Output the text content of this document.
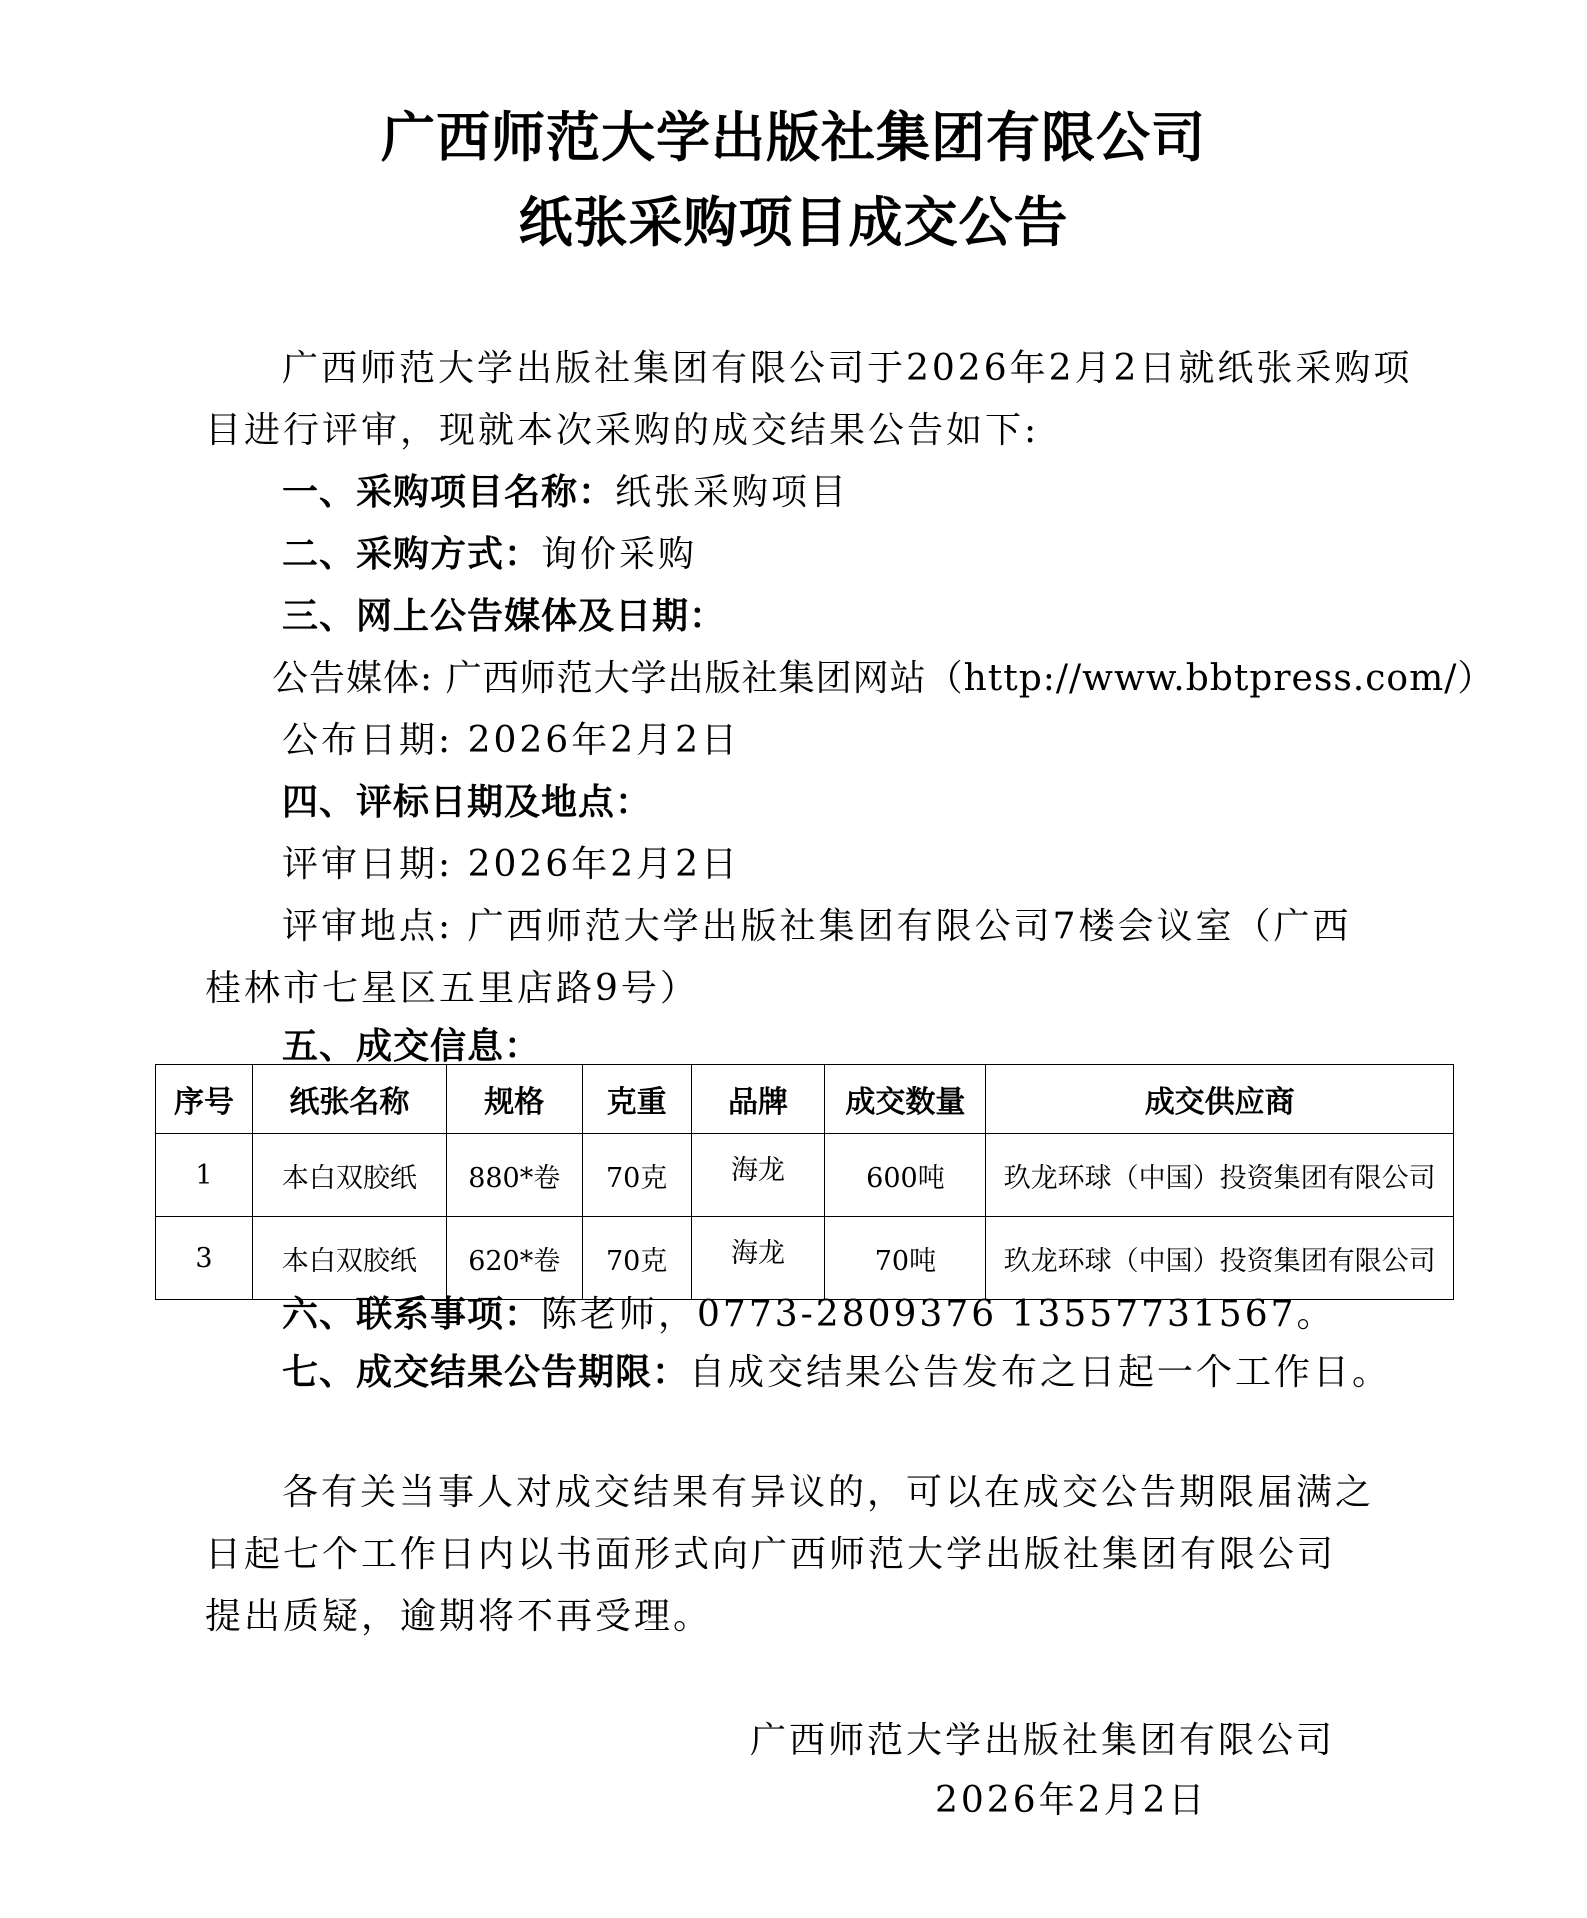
广西师范大学出版社集团有限公司
纸张采购项目成交公告
广西师范大学出版社集团有限公司于2026年2月2日就纸张采购项
目进行评审，现就本次采购的成交结果公告如下:
一、采购项目名称：纸张采购项目
二、采购方式：询价采购
三、网上公告媒体及日期：
公告媒体: 广西师范大学出版社集团网站（http://www.bbtpress.com/）
公布日期: 2026年2月2日
四、评标日期及地点：
评审日期: 2026年2月2日
评审地点: 广西师范大学出版社集团有限公司7楼会议室（广西
桂林市七星区五里店路9号）
五、成交信息：
序号	纸张名称	规格	克重	品牌	成交数量	成交供应商
1	本白双胶纸	880*卷	70克	海龙	600吨	玖龙环球（中国）投资集团有限公司
3	本白双胶纸	620*卷	70克	海龙	70吨	玖龙环球（中国）投资集团有限公司
六、联系事项：陈老师，0773-2809376 13557731567。
七、成交结果公告期限：自成交结果公告发布之日起一个工作日。
各有关当事人对成交结果有异议的，可以在成交公告期限届满之
日起七个工作日内以书面形式向广西师范大学出版社集团有限公司
提出质疑，逾期将不再受理。
广西师范大学出版社集团有限公司
2026年2月2日
